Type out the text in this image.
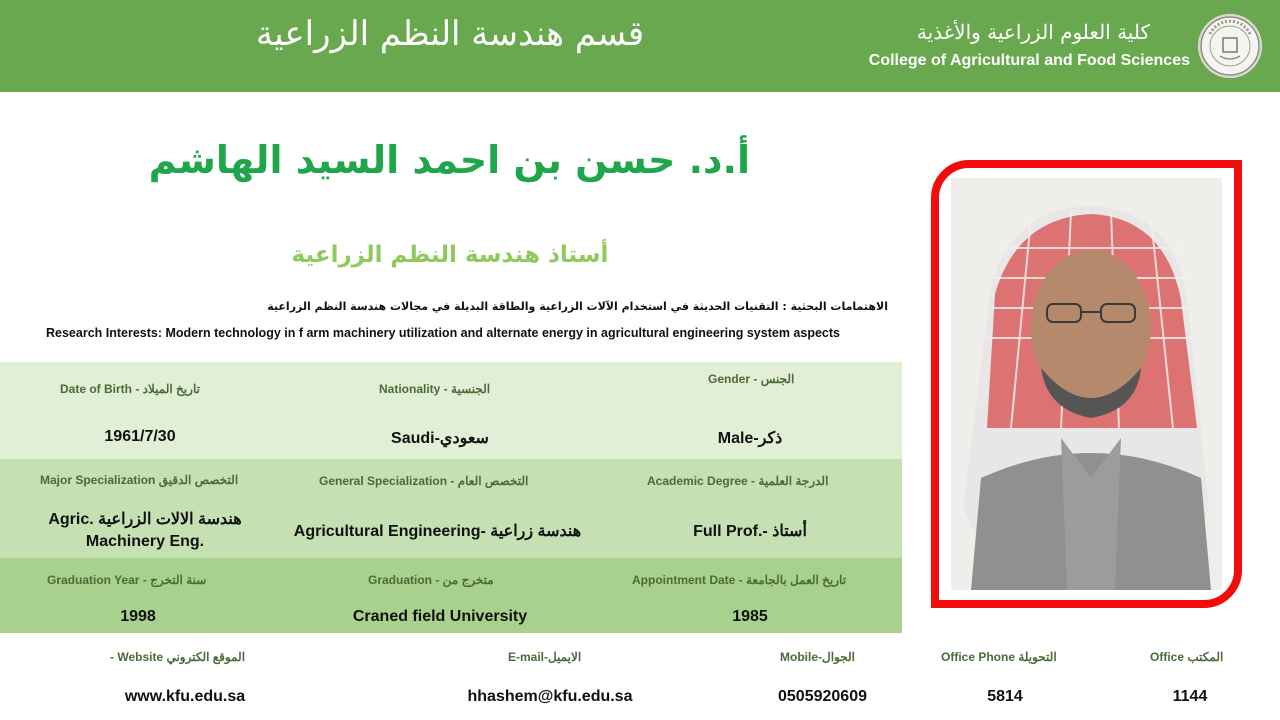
قسم هندسة النظم الزراعية	كلية العلوم الزراعية والأغذية
College of Agricultural and Food Sciences
أ.د. حسن بن احمد السيد الهاشم
أستاذ هندسة النظم الزراعية
الاهتمامات البحثية : التقنيات الحديثة في استخدام الآلات الزراعية والطاقة البديلة في مجالات هندسة النظم الزراعية
Research Interests: Modern technology in f arm machinery utilization and alternate energy in agricultural engineering system aspects
Date of Birth - تاريخ الميلاد
1961/7/30
Nationality - الجنسية
Saudi-سعودي
Gender - الجنس
Male-ذكر
Major Specialization التخصص الدقيق
Agric. هندسة الالات الزراعية
Machinery Eng.
General Specialization - التخصص العام
Agricultural Engineering- هندسة زراعية
Academic Degree - الدرجة العلمية
Full Prof.- أستاذ
Graduation Year - سنة التخرج
1998
Graduation - متخرج من
Craned field University
Appointment Date - تاريخ العمل بالجامعة
1985
- Website الموقع الكتروني
www.kfu.edu.sa
E-mail-الايميل
hhashem@kfu.edu.sa
Mobile-الجوال
0505920609
Office Phone التحويلة
5814
Office المكتب
1144
